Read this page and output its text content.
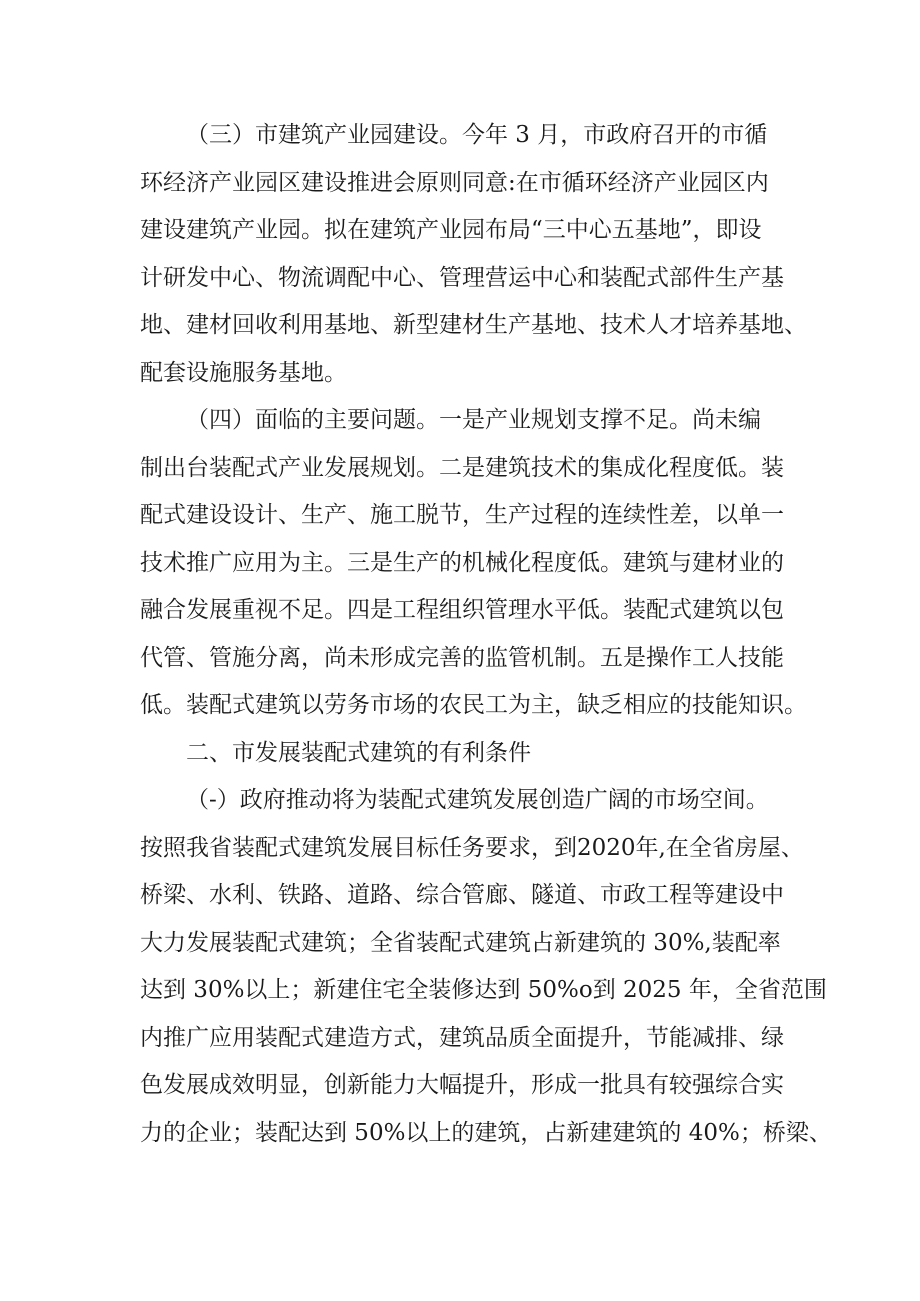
（三）市建筑产业园建设。今年 3 月，市政府召开的市循
环经济产业园区建设推进会原则同意:在市循环经济产业园区内
建设建筑产业园。拟在建筑产业园布局“三中心五基地”，即设
计研发中心、物流调配中心、管理营运中心和装配式部件生产基
地、建材回收利用基地、新型建材生产基地、技术人才培养基地、
配套设施服务基地。
（四）面临的主要问题。一是产业规划支撑不足。尚未编
制出台装配式产业发展规划。二是建筑技术的集成化程度低。装
配式建设设计、生产、施工脱节，生产过程的连续性差，以单一
技术推广应用为主。三是生产的机械化程度低。建筑与建材业的
融合发展重视不足。四是工程组织管理水平低。装配式建筑以包
代管、管施分离，尚未形成完善的监管机制。五是操作工人技能
低。装配式建筑以劳务市场的农民工为主，缺乏相应的技能知识。
二、市发展装配式建筑的有利条件
（-）政府推动将为装配式建筑发展创造广阔的市场空间。
按照我省装配式建筑发展目标任务要求，到2020年,在全省房屋、
桥梁、水利、铁路、道路、综合管廊、隧道、市政工程等建设中
大力发展装配式建筑；全省装配式建筑占新建筑的 30%,装配率
达到 30%以上；新建住宅全装修达到 50%o到 2025 年，全省范围
内推广应用装配式建造方式，建筑品质全面提升，节能减排、绿
色发展成效明显，创新能力大幅提升，形成一批具有较强综合实
力的企业；装配达到 50%以上的建筑，占新建建筑的 40%；桥梁、
